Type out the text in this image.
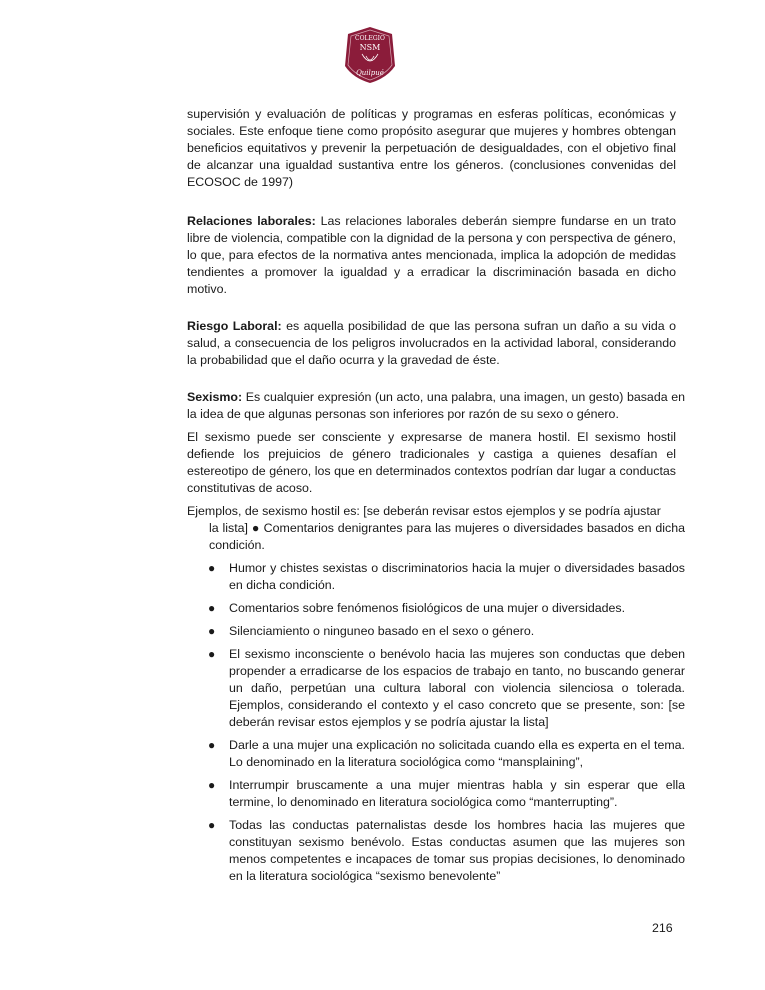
COLEGIO
NSM
Quilpué

supervisión y evaluación de políticas y programas en esferas políticas, económicas y sociales. Este enfoque tiene como propósito asegurar que mujeres y hombres obtengan beneficios equitativos y prevenir la perpetuación de desigualdades, con el objetivo final de alcanzar una igualdad sustantiva entre los géneros. (conclusiones convenidas del ECOSOC de 1997)

Relaciones laborales: Las relaciones laborales deberán siempre fundarse en un trato libre de violencia, compatible con la dignidad de la persona y con perspectiva de género, lo que, para efectos de la normativa antes mencionada, implica la adopción de medidas tendientes a promover la igualdad y a erradicar la discriminación basada en dicho motivo.

Riesgo Laboral: es aquella posibilidad de que las persona sufran un daño a su vida o salud, a consecuencia de los peligros involucrados en la actividad laboral, considerando la probabilidad que el daño ocurra y la gravedad de éste.

Sexismo: Es cualquier expresión (un acto, una palabra, una imagen, un gesto) basada en la idea de que algunas personas son inferiores por razón de su sexo o género.

El sexismo puede ser consciente y expresarse de manera hostil. El sexismo hostil defiende los prejuicios de género tradicionales y castiga a quienes desafían el estereotipo de género, los que en determinados contextos podrían dar lugar a conductas constitutivas de acoso.

Ejemplos, de sexismo hostil es: [se deberán revisar estos ejemplos y se podría ajustar
la lista] ● Comentarios denigrantes para las mujeres o diversidades basados en dicha condición.

● Humor y chistes sexistas o discriminatorios hacia la mujer o diversidades basados en dicha condición.
● Comentarios sobre fenómenos fisiológicos de una mujer o diversidades.
● Silenciamiento o ninguneo basado en el sexo o género.
● El sexismo inconsciente o benévolo hacia las mujeres son conductas que deben propender a erradicarse de los espacios de trabajo en tanto, no buscando generar un daño, perpetúan una cultura laboral con violencia silenciosa o tolerada. Ejemplos, considerando el contexto y el caso concreto que se presente, son: [se deberán revisar estos ejemplos y se podría ajustar la lista]
● Darle a una mujer una explicación no solicitada cuando ella es experta en el tema. Lo denominado en la literatura sociológica como “mansplaining”,
● Interrumpir bruscamente a una mujer mientras habla y sin esperar que ella termine, lo denominado en literatura sociológica como “manterrupting”.
● Todas las conductas paternalistas desde los hombres hacia las mujeres que constituyan sexismo benévolo. Estas conductas asumen que las mujeres son menos competentes e incapaces de tomar sus propias decisiones, lo denominado en la literatura sociológica “sexismo benevolente”
216
